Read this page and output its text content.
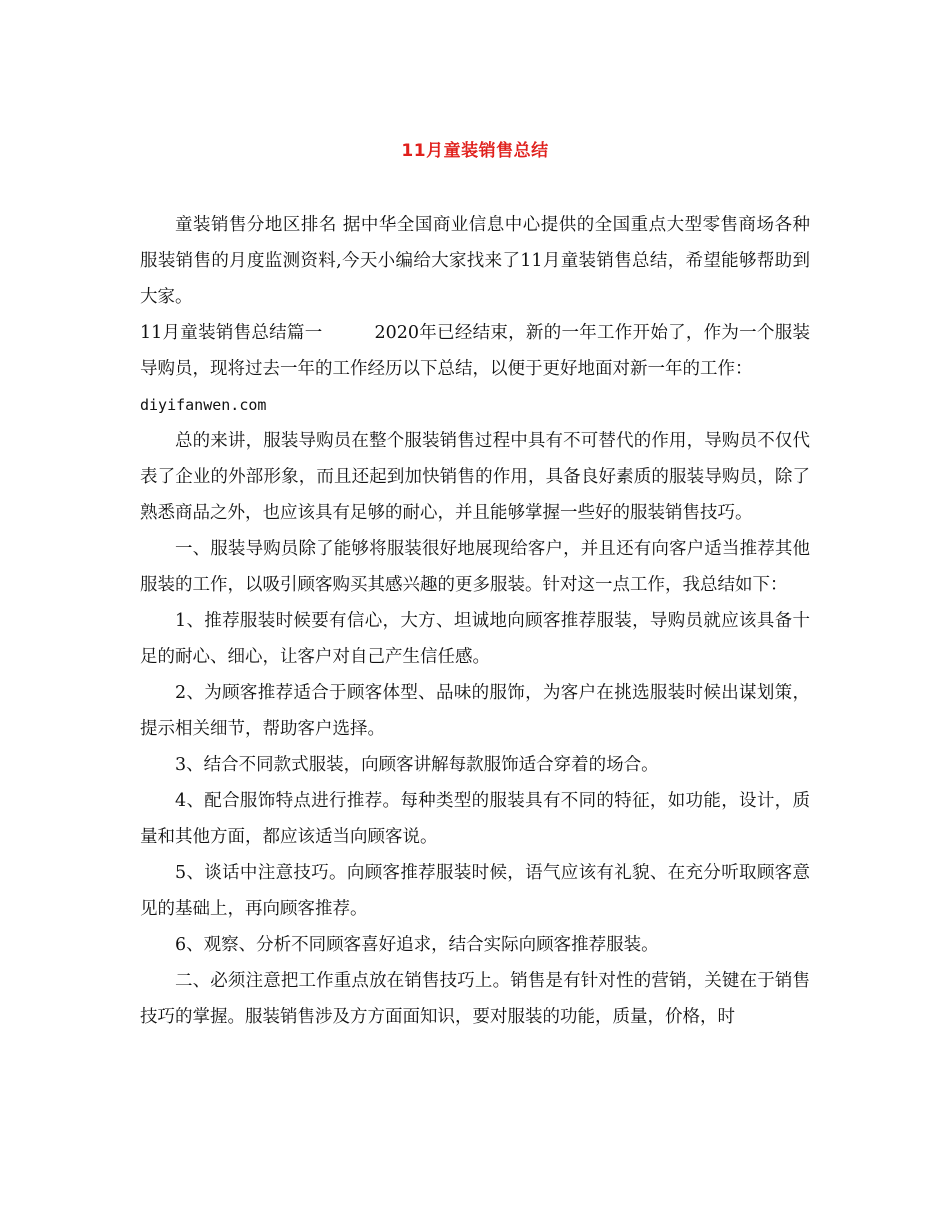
11月童装销售总结

童装销售分地区排名 据中华全国商业信息中心提供的全国重点大型零售商场各种服装销售的月度监测资料,今天小编给大家找来了11月童装销售总结，希望能够帮助到大家。

11月童装销售总结篇一	2020年已经结束，新的一年工作开始了，作为一个服装导购员，现将过去一年的工作经历以下总结，以便于更好地面对新一年的工作：

diyifanwen.com

总的来讲，服装导购员在整个服装销售过程中具有不可替代的作用，导购员不仅代表了企业的外部形象，而且还起到加快销售的作用，具备良好素质的服装导购员，除了熟悉商品之外，也应该具有足够的耐心，并且能够掌握一些好的服装销售技巧。

一、服装导购员除了能够将服装很好地展现给客户，并且还有向客户适当推荐其他服装的工作，以吸引顾客购买其感兴趣的更多服装。针对这一点工作，我总结如下：

1、推荐服装时候要有信心，大方、坦诚地向顾客推荐服装，导购员就应该具备十足的耐心、细心，让客户对自己产生信任感。

2、为顾客推荐适合于顾客体型、品味的服饰，为客户在挑选服装时候出谋划策，提示相关细节，帮助客户选择。

3、结合不同款式服装，向顾客讲解每款服饰适合穿着的场合。

4、配合服饰特点进行推荐。每种类型的服装具有不同的特征，如功能，设计，质量和其他方面，都应该适当向顾客说。

5、谈话中注意技巧。向顾客推荐服装时候，语气应该有礼貌、在充分听取顾客意见的基础上，再向顾客推荐。

6、观察、分析不同顾客喜好追求，结合实际向顾客推荐服装。

二、必须注意把工作重点放在销售技巧上。销售是有针对性的营销，关键在于销售技巧的掌握。服装销售涉及方方面面知识，要对服装的功能，质量，价格，时
